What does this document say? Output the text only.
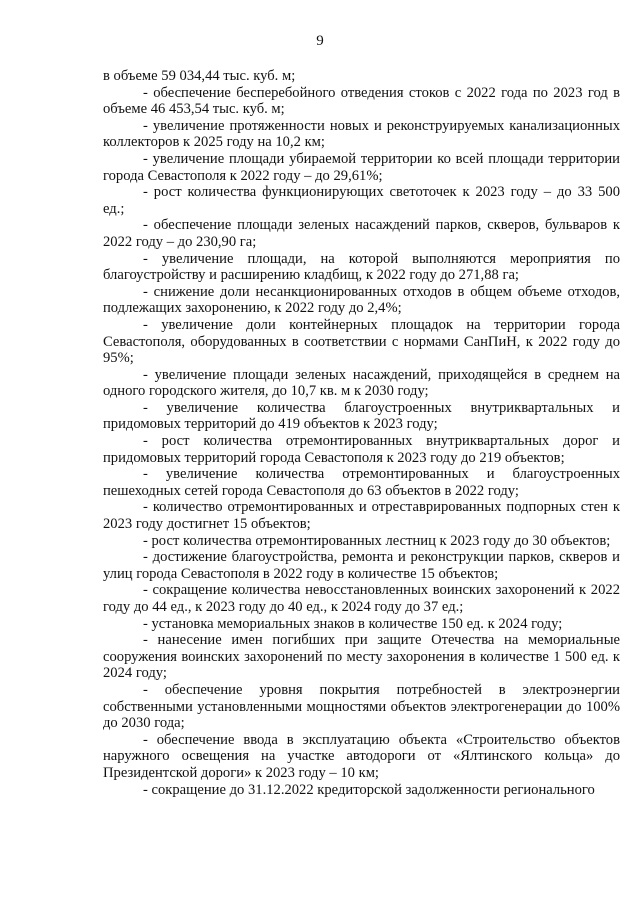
9

в объеме 59 034,44 тыс. куб. м;

- обеспечение бесперебойного отведения стоков с 2022 года по 2023 год в объеме 46 453,54 тыс. куб. м;

- увеличение протяженности новых и реконструируемых канализационных коллекторов к 2025 году на 10,2 км;

- увеличение площади убираемой территории ко всей площади территории города Севастополя к 2022 году – до 29,61%;

- рост количества функционирующих светоточек к 2023 году – до 33 500 ед.;

- обеспечение площади зеленых насаждений парков, скверов, бульваров к 2022 году – до 230,90 га;

- увеличение площади, на которой выполняются мероприятия по благоустройству и расширению кладбищ, к 2022 году до 271,88 га;

- снижение доли несанкционированных отходов в общем объеме отходов, подлежащих захоронению, к 2022 году до 2,4%;

- увеличение доли контейнерных площадок на территории города Севастополя, оборудованных в соответствии с нормами СанПиН, к 2022 году до 95%;

- увеличение площади зеленых насаждений, приходящейся в среднем на одного городского жителя, до 10,7 кв. м к 2030 году;

- увеличение количества благоустроенных внутриквартальных и придомовых территорий до 419 объектов к 2023 году;

- рост количества отремонтированных внутриквартальных дорог и придомовых территорий города Севастополя к 2023 году до 219 объектов;

- увеличение количества отремонтированных и благоустроенных пешеходных сетей города Севастополя до 63 объектов в 2022 году;

- количество отремонтированных и отреставрированных подпорных стен к 2023 году достигнет 15 объектов;

- рост количества отремонтированных лестниц к 2023 году до 30 объектов;

- достижение благоустройства, ремонта и реконструкции парков, скверов и улиц города Севастополя в 2022 году в количестве 15 объектов;

- сокращение количества невосстановленных воинских захоронений к 2022 году до 44 ед., к 2023 году до 40 ед., к 2024 году до 37 ед.;

- установка мемориальных знаков в количестве 150 ед. к 2024 году;

- нанесение имен погибших при защите Отечества на мемориальные сооружения воинских захоронений по месту захоронения в количестве 1 500 ед. к 2024 году;

- обеспечение уровня покрытия потребностей в электроэнергии собственными установленными мощностями объектов электрогенерации до 100% до 2030 года;

- обеспечение ввода в эксплуатацию объекта «Строительство объектов наружного освещения на участке автодороги от «Ялтинского кольца» до Президентской дороги» к 2023 году – 10 км;

- сокращение до 31.12.2022 кредиторской задолженности регионального
